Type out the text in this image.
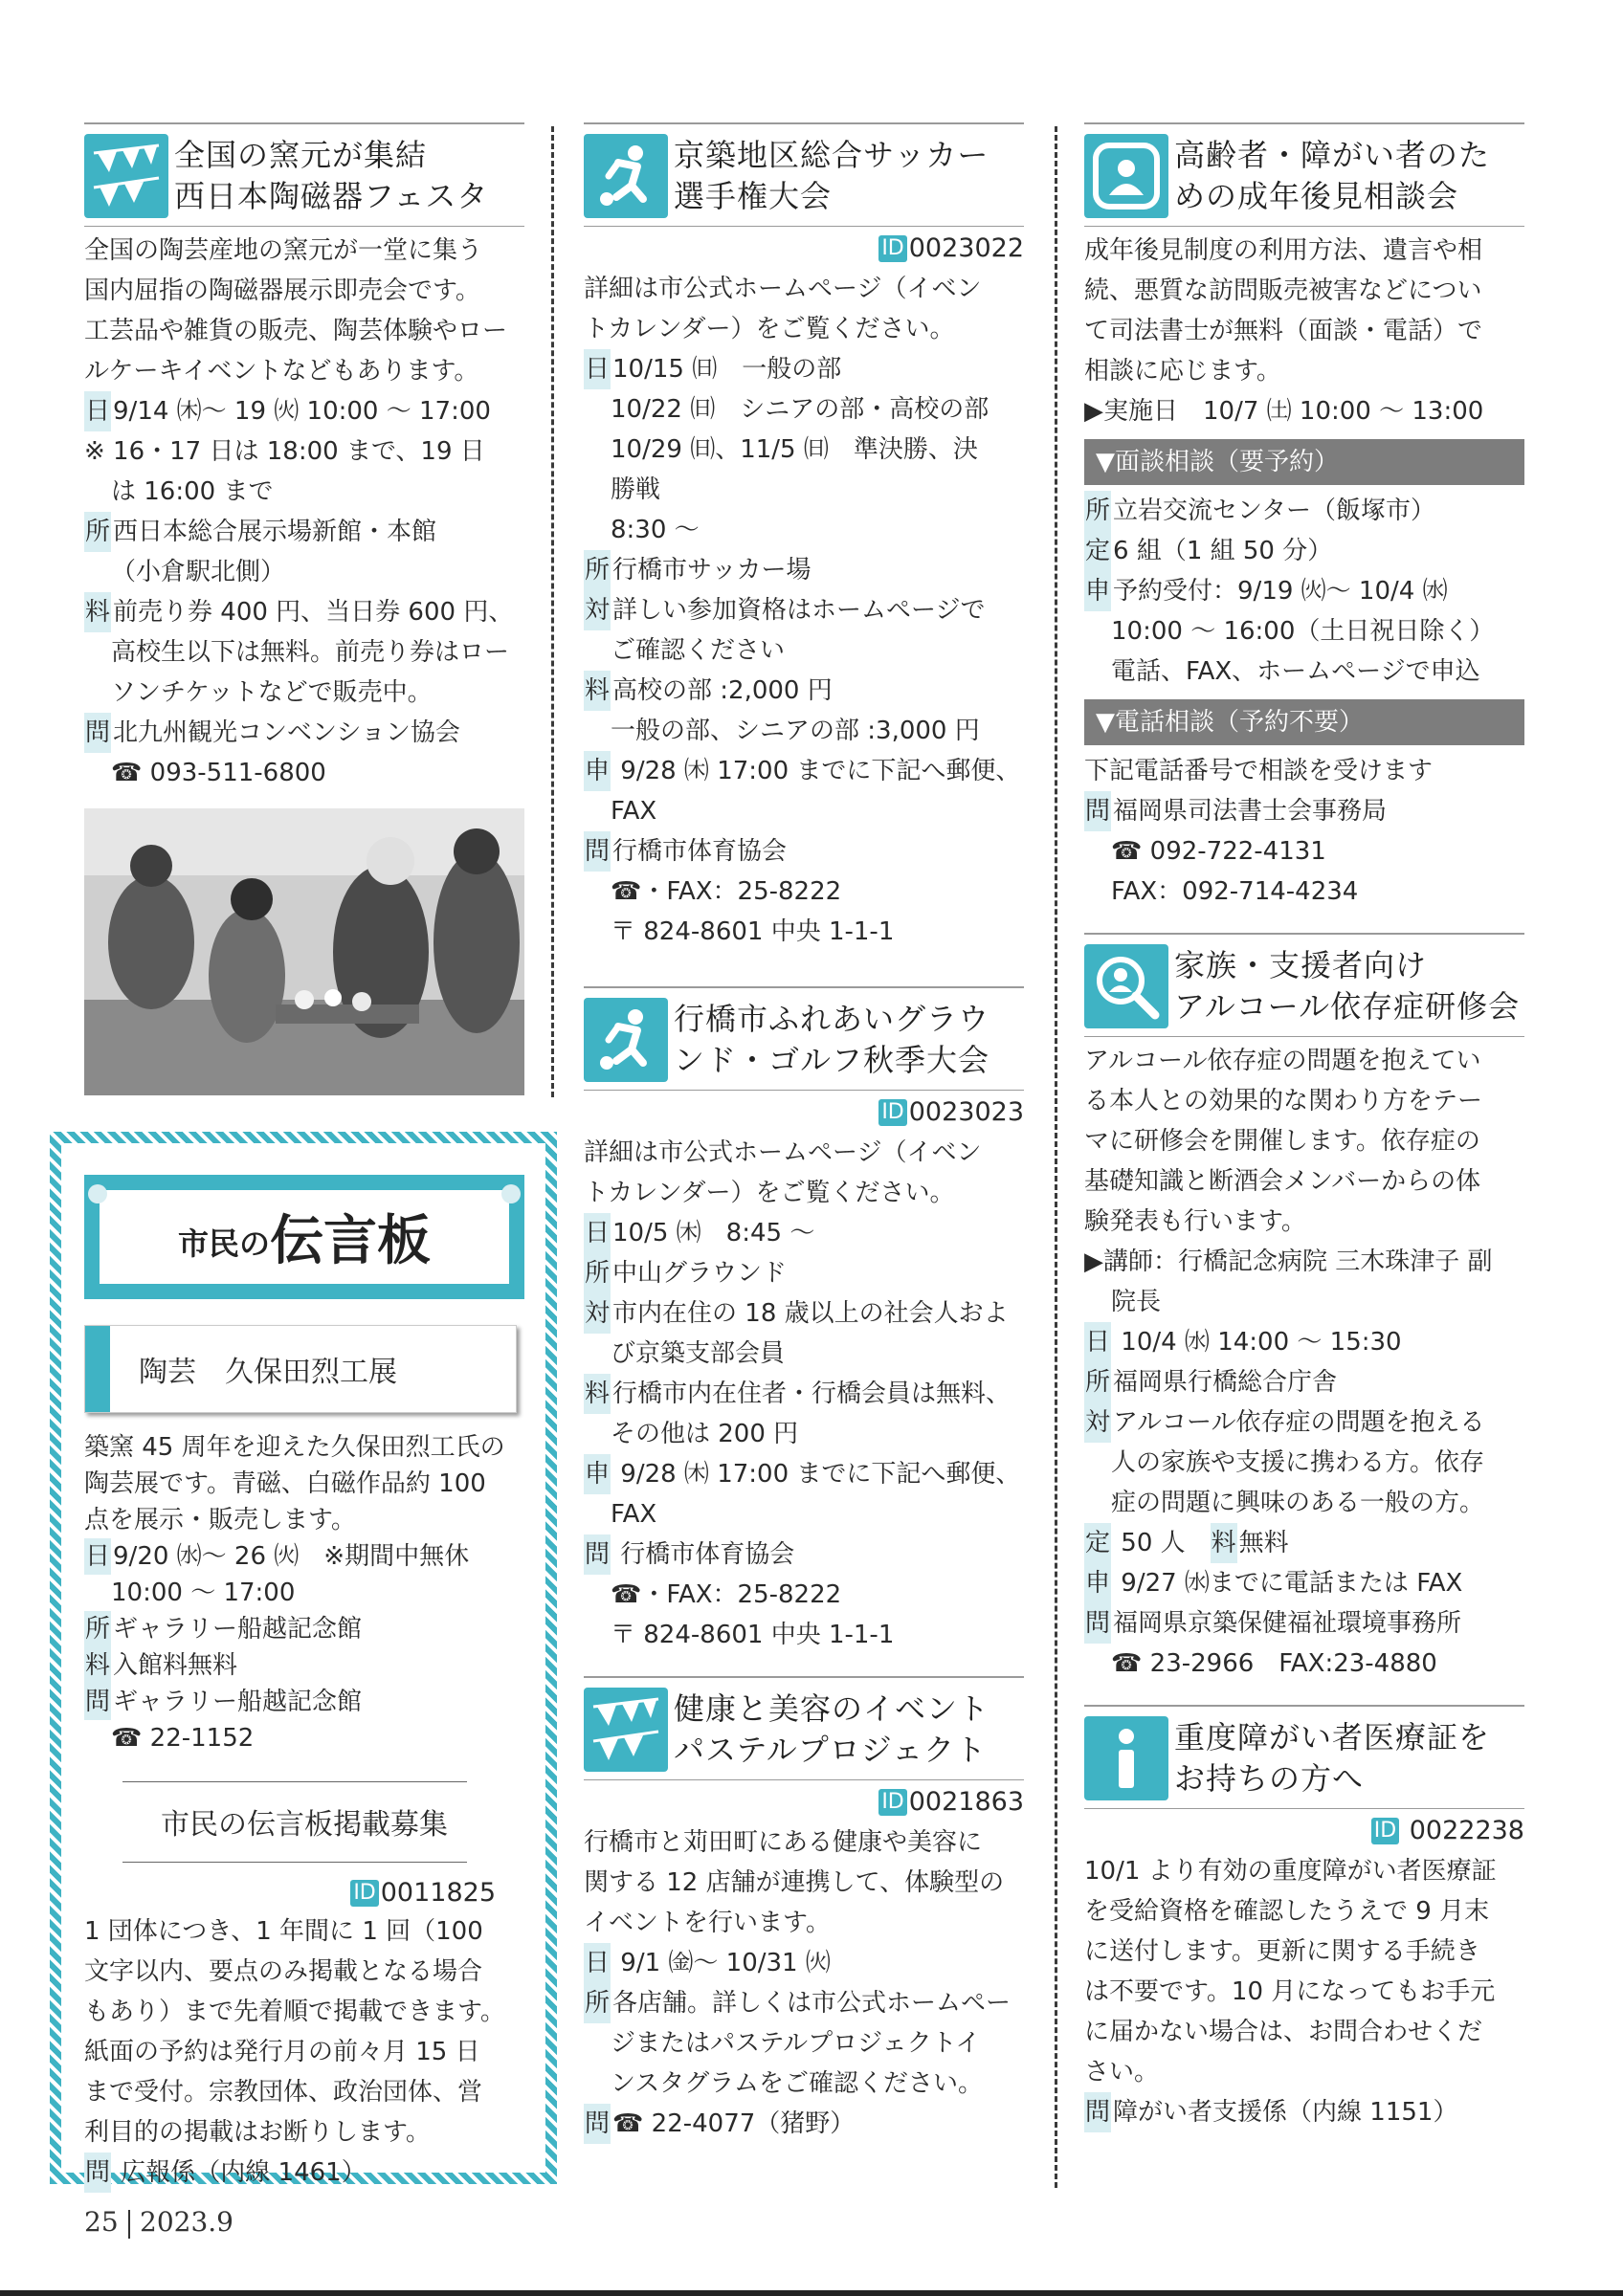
全国の窯元が集結
西日本陶磁器フェスタ

全国の陶芸産地の窯元が一堂に集う

国内屈指の陶磁器展示即売会です。

工芸品や雑貨の販売、陶芸体験やロー

ルケーキイベントなどもあります。

日 9/14 ㈭～ 19 ㈫ 10:00 ～ 17:00

※ 16・17 日は 18:00 まで、19 日

は 16:00 まで

所 西日本総合展示場新館・本館

（小倉駅北側）

料 前売り券 400 円、当日券 600 円、

高校生以下は無料。前売り券はロー

ソンチケットなどで販売中。

問 北九州観光コンベンション協会

☎ 093-511-6800

市民の 伝言板
陶芸　久保田烈工展

築窯 45 周年を迎えた久保田烈工氏の

陶芸展です。青磁、白磁作品約 100

点を展示・販売します。

日 9/20 ㈬～ 26 ㈫　※期間中無休

10:00 ～ 17:00

所 ギャラリー船越記念館

料 入館料無料

問 ギャラリー船越記念館

☎ 22-1152

市民の伝言板掲載募集
ID 0011825

1 団体につき、1 年間に 1 回（100

文字以内、要点のみ掲載となる場合

もあり）まで先着順で掲載できます。

紙面の予約は発行月の前々月 15 日

まで受付。宗教団体、政治団体、営

利目的の掲載はお断りします。

問 広報係（内線 1461）

京築地区総合サッカー
選手権大会
ID 0023022

詳細は市公式ホームページ（イベン

トカレンダー）をご覧ください。

日 10/15 ㈰　一般の部

10/22 ㈰　シニアの部・高校の部

10/29 ㈰、11/5 ㈰　準決勝、決

勝戦

8:30 ～

所 行橋市サッカー場

対 詳しい参加資格はホームページで

ご確認ください

料 高校の部 :2,000 円

一般の部、シニアの部 :3,000 円

申 9/28 ㈭ 17:00 までに下記へ郵便、

FAX

問 行橋市体育協会

☎・FAX：25-8222

〒 824-8601 中央 1-1-1

行橋市ふれあいグラウ
ンド・ゴルフ秋季大会
ID 0023023

詳細は市公式ホームページ（イベン

トカレンダー）をご覧ください。

日 10/5 ㈭　8:45 ～

所 中山グラウンド

対 市内在住の 18 歳以上の社会人およ

び京築支部会員

料 行橋市内在住者・行橋会員は無料、

その他は 200 円

申 9/28 ㈭ 17:00 までに下記へ郵便、

FAX

問 行橋市体育協会

☎・FAX：25-8222

〒 824-8601 中央 1-1-1

健康と美容のイベント
パステルプロジェクト
ID 0021863

行橋市と苅田町にある健康や美容に

関する 12 店舗が連携して、体験型の

イベントを行います。

日 9/1 ㈮～ 10/31 ㈫

所 各店舗。詳しくは市公式ホームペー

ジまたはパステルプロジェクトイ

ンスタグラムをご確認ください。

問 ☎ 22-4077（猪野）

高齢者・障がい者のた
めの成年後見相談会

成年後見制度の利用方法、遺言や相

続、悪質な訪問販売被害などについ

て司法書士が無料（面談・電話）で

相談に応じます。

▶実施日　10/7 ㈯ 10:00 ～ 13:00

▼面談相談（要予約）

所 立岩交流センター（飯塚市）

定 6 組（1 組 50 分）

申 予約受付：9/19 ㈫～ 10/4 ㈬

10:00 ～ 16:00（土日祝日除く）

電話、FAX、ホームページで申込

▼電話相談（予約不要）

下記電話番号で相談を受けます

問 福岡県司法書士会事務局

☎ 092-722-4131

FAX：092-714-4234

家族・支援者向け
アルコール依存症研修会

アルコール依存症の問題を抱えてい

る本人との効果的な関わり方をテー

マに研修会を開催します。依存症の

基礎知識と断酒会メンバーからの体

験発表も行います。

▶講師：行橋記念病院 三木珠津子 副

院長

日 10/4 ㈬ 14:00 ～ 15:30

所 福岡県行橋総合庁舎

対 アルコール依存症の問題を抱える

人の家族や支援に携わる方。依存

症の問題に興味のある一般の方。

定 50 人　料 無料

申 9/27 ㈬までに電話または FAX

問 福岡県京築保健福祉環境事務所

☎ 23-2966　FAX:23-4880

重度障がい者医療証を
お持ちの方へ
ID 0022238

10/1 より有効の重度障がい者医療証

を受給資格を確認したうえで 9 月末

に送付します。更新に関する手続き

は不要です。10 月になってもお手元

に届かない場合は、お問合わせくだ

さい。

問 障がい者支援係（内線 1151）

25 2023.9
